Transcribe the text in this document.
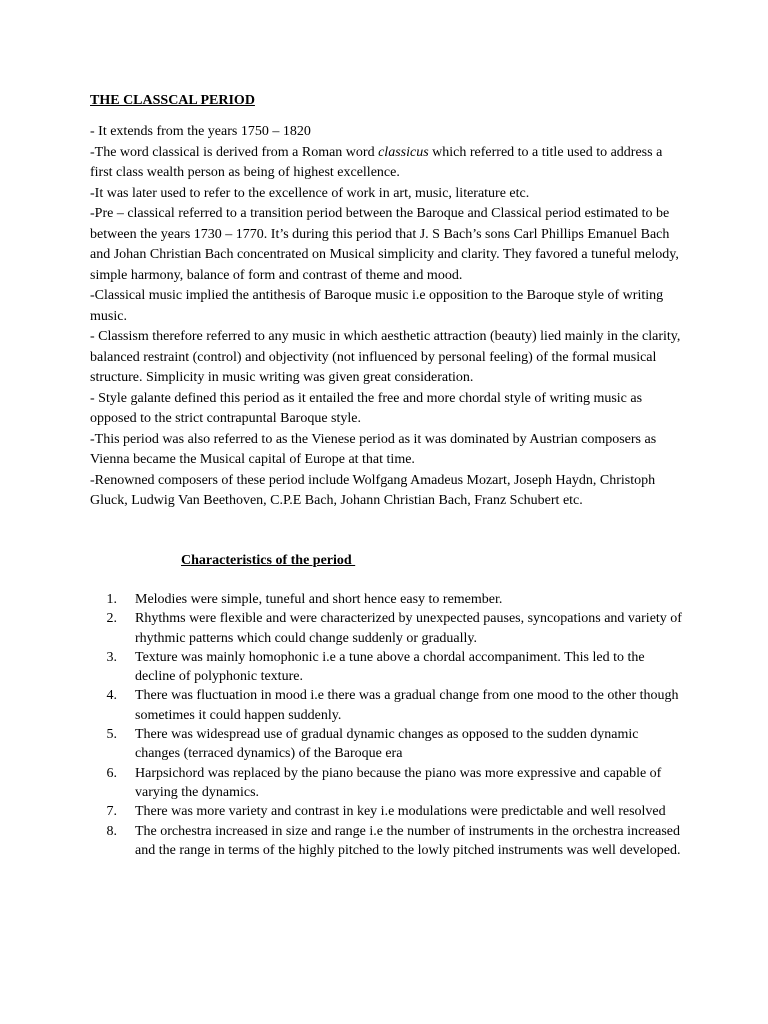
THE CLASSCAL PERIOD

- It extends from the years 1750 – 1820

-The word classical is derived from a Roman word classicus which referred to a title used to address a first class wealth person as being of highest excellence.

-It was later used to refer to the excellence of work in art, music, literature etc.

-Pre – classical referred to a transition period between the Baroque and Classical period estimated to be between the years 1730 – 1770. It’s during this period that J. S Bach’s sons Carl Phillips Emanuel Bach and Johan Christian Bach concentrated on Musical simplicity and clarity. They favored a tuneful melody, simple harmony, balance of form and contrast of theme and mood.

-Classical music implied the antithesis of Baroque music i.e opposition to the Baroque style of writing music.

- Classism therefore referred to any music in which aesthetic attraction (beauty) lied mainly in the clarity, balanced restraint (control) and objectivity (not influenced by personal feeling) of the formal musical structure. Simplicity in music writing was given great consideration.

- Style galante defined this period as it entailed the free and more chordal style of writing music as opposed to the strict contrapuntal Baroque style.

-This period was also referred to as the Vienese period as it was dominated by Austrian composers as Vienna became the Musical capital of Europe at that time.

-Renowned composers of these period include Wolfgang Amadeus Mozart, Joseph Haydn, Christoph Gluck, Ludwig Van Beethoven, C.P.E Bach, Johann Christian Bach, Franz Schubert etc.

Characteristics of the period
1.	Melodies were simple, tuneful and short hence easy to remember.
2.	Rhythms were flexible and were characterized by unexpected pauses, syncopations and variety of rhythmic patterns which could change suddenly or gradually.
3.	Texture was mainly homophonic i.e a tune above a chordal accompaniment. This led to the decline of polyphonic texture.
4.	There was fluctuation in mood i.e there was a gradual change from one mood to the other though sometimes it could happen suddenly.
5.	There was widespread use of gradual dynamic changes as opposed to the sudden dynamic changes (terraced dynamics) of the Baroque era
6.	Harpsichord was replaced by the piano because the piano was more expressive and capable of varying the dynamics.
7.	There was more variety and contrast in key i.e modulations were predictable and well resolved
8.	The orchestra increased in size and range i.e the number of instruments in the orchestra increased and the range in terms of the highly pitched to the lowly pitched instruments was well developed.
